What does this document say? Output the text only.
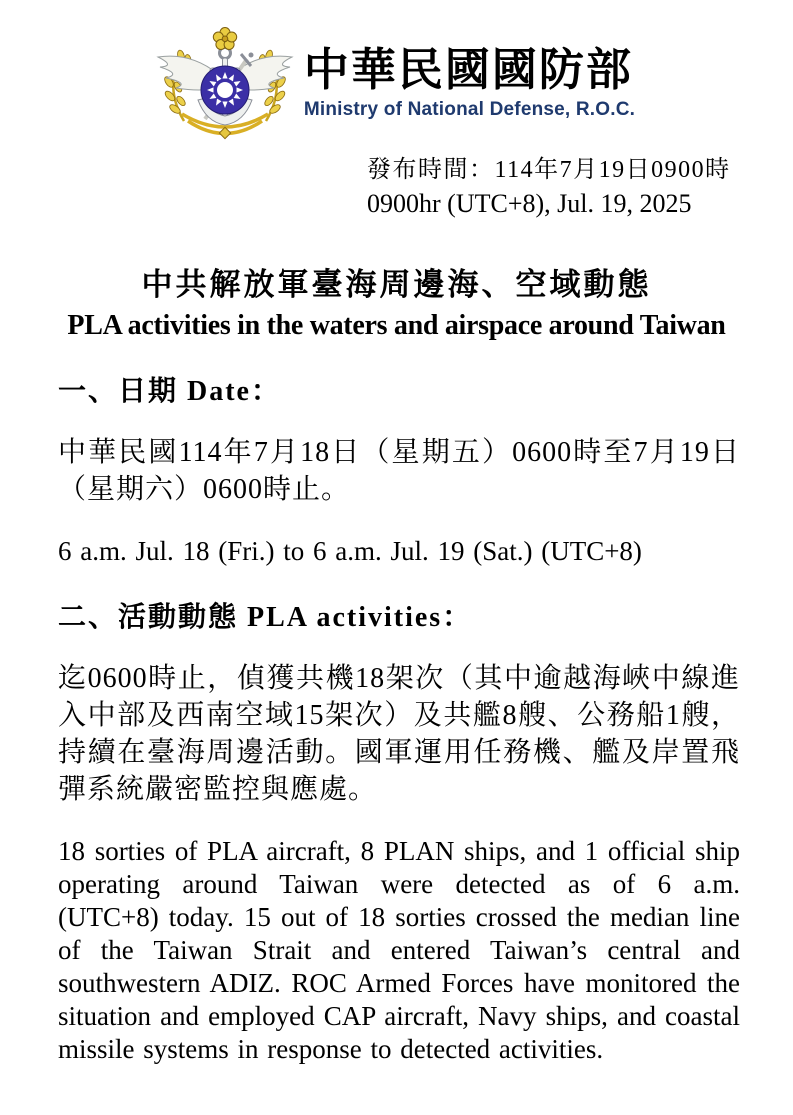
中華民國國防部
Ministry of National Defense, R.O.C.
發布時間：114年7月19日0900時
0900hr (UTC+8), Jul. 19, 2025
中共解放軍臺海周邊海、空域動態
PLA activities in the waters and airspace around Taiwan
一、日期 Date：

中華民國114年7月18日（星期五）0600時至7月19日（星期六）0600時止。

6 a.m. Jul. 18 (Fri.) to 6 a.m. Jul. 19 (Sat.) (UTC+8)

二、活動動態 PLA activities：

迄0600時止，偵獲共機18架次（其中逾越海峽中線進入中部及西南空域15架次）及共艦8艘、公務船1艘，持續在臺海周邊活動。國軍運用任務機、艦及岸置飛彈系統嚴密監控與應處。

18 sorties of PLA aircraft, 8 PLAN ships, and 1 official ship operating around Taiwan were detected as of 6 a.m. (UTC+8) today. 15 out of 18 sorties crossed the median line of the Taiwan Strait and entered Taiwan’s central and southwestern ADIZ. ROC Armed Forces have monitored the situation and employed CAP aircraft, Navy ships, and coastal missile systems in response to detected activities.
